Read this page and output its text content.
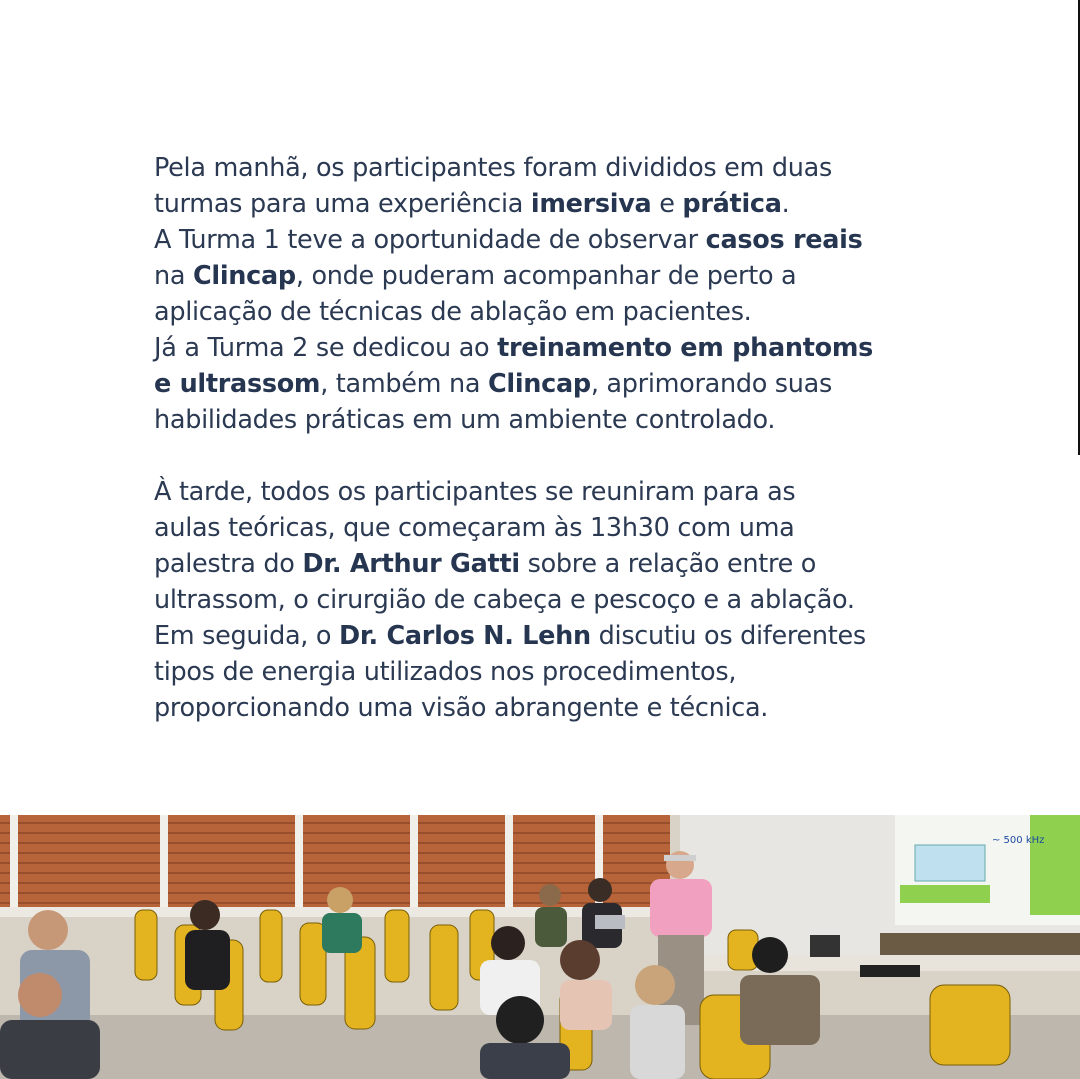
Pela manhã, os participantes foram divididos em duas

turmas para uma experiência imersiva e prática.

A Turma 1 teve a oportunidade de observar casos reais

na Clincap, onde puderam acompanhar de perto a

aplicação de técnicas de ablação em pacientes.

Já a Turma 2 se dedicou ao treinamento em phantoms

e ultrassom, também na Clincap, aprimorando suas

habilidades práticas em um ambiente controlado.

À tarde, todos os participantes se reuniram para as

aulas teóricas, que começaram às 13h30 com uma

palestra do Dr. Arthur Gatti sobre a relação entre o

ultrassom, o cirurgião de cabeça e pescoço e a ablação.

Em seguida, o Dr. Carlos N. Lehn discutiu os diferentes

tipos de energia utilizados nos procedimentos,

proporcionando uma visão abrangente e técnica.

~ 500 kHz
